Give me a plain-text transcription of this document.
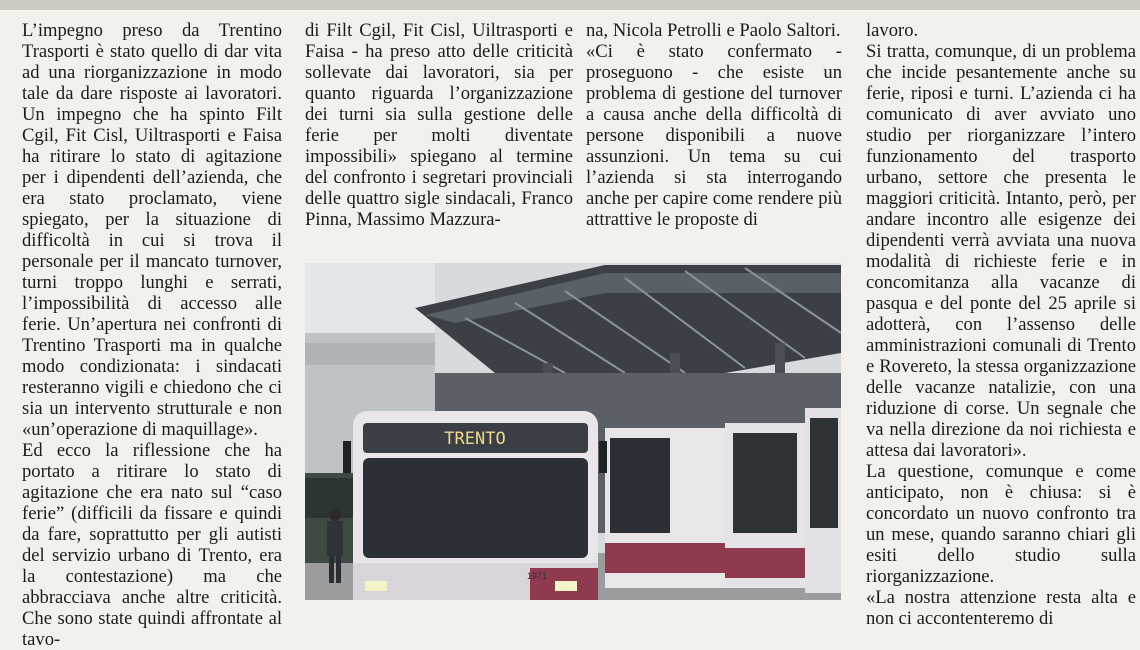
L’impegno preso da Trentino Trasporti è stato quello di dar vita ad una riorganizzazione in modo tale da dare risposte ai lavoratori. Un impegno che ha spinto Filt Cgil, Fit Cisl, Uiltrasporti e Faisa ha ritirare lo stato di agitazione per i dipendenti dell’azienda, che era stato proclamato, viene spiegato, per la situazione di difficoltà in cui si trova il personale per il mancato turnover, turni troppo lunghi e serrati, l’impossibilità di accesso alle ferie. Un’apertura nei confronti di Trentino Trasporti ma in qualche modo condizionata: i sindacati resteranno vigili e chiedono che ci sia un intervento strutturale e non «un’operazione di maquillage».

Ed ecco la riflessione che ha portato a ritirare lo stato di agitazione che era nato sul “caso ferie” (difficili da fissare e quindi da fare, soprattutto per gli autisti del servizio urbano di Trento, era la contestazione) ma che abbracciava anche altre criticità. Che sono state quindi affrontate al tavo-

di Filt Cgil, Fit Cisl, Uiltrasporti e Faisa - ha preso atto delle criticità sollevate dai lavoratori, sia per quanto riguarda l’organizzazione dei turni sia sulla gestione delle ferie per molti diventate impossibili» spiegano al termine del confronto i segretari provinciali delle quattro sigle sindacali, Franco Pinna, Massimo Mazzura-

na, Nicola Petrolli e Paolo Saltori.

«Ci è stato confermato - proseguono - che esiste un problema di gestione del turnover a causa anche della difficoltà di persone disponibili a nuove assunzioni. Un tema su cui l’azienda si sta interrogando anche per capire come rendere più attrattive le proposte di

lavoro.

Si tratta, comunque, di un problema che incide pesantemente anche su ferie, riposi e turni. L’azienda ci ha comunicato di aver avviato uno studio per riorganizzare l’intero funzionamento del trasporto urbano, settore che presenta le maggiori criticità. Intanto, però, per andare incontro alle esigenze dei dipendenti verrà avviata una nuova modalità di richieste ferie e in concomitanza alla vacanze di pasqua e del ponte del 25 aprile si adotterà, con l’assenso delle amministrazioni comunali di Trento e Rovereto, la stessa organizzazione delle vacanze natalizie, con una riduzione di corse. Un segnale che va nella direzione da noi richiesta e attesa dai lavoratori».

La questione, comunque e come anticipato, non è chiusa: si è concordato un nuovo confronto tra un mese, quando saranno chiari gli esiti dello studio sulla riorganizzazione.

«La nostra attenzione resta alta e non ci accontenteremo di

TRENTO
1971
